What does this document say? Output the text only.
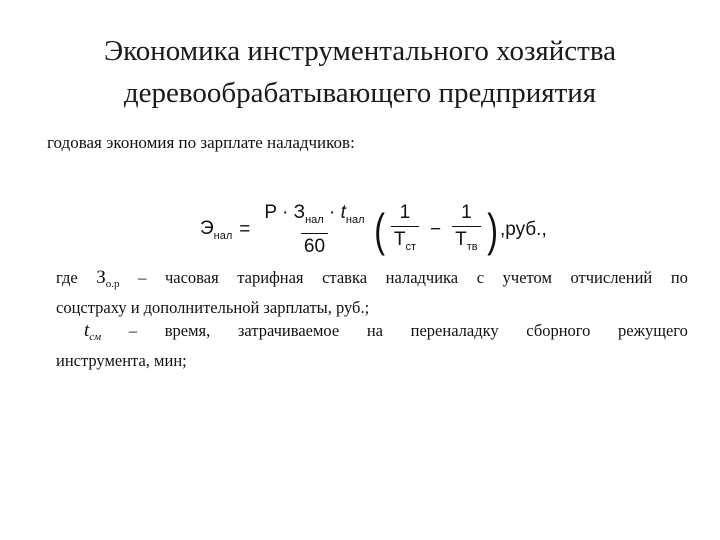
Экономика инструментального хозяйства
деревообрабатывающего предприятия
годовая экономия по зарплате наладчиков:
$Э_{нал} = \frac{P \cdot З_{нал} \cdot t_{нал}}{60}$ ( $\frac{1}{Т_{ст}} - \frac{1}{Т_{тв}}$ ) ,руб.,
где $З_{о.р}$ – часовая тарифная ставка наладчика с учетом отчислений по
соцстраху и дополнительной зарплаты, руб.;
$t_{см}$ – время, затрачиваемое на переналадку сборного режущего
инструмента, мин;
